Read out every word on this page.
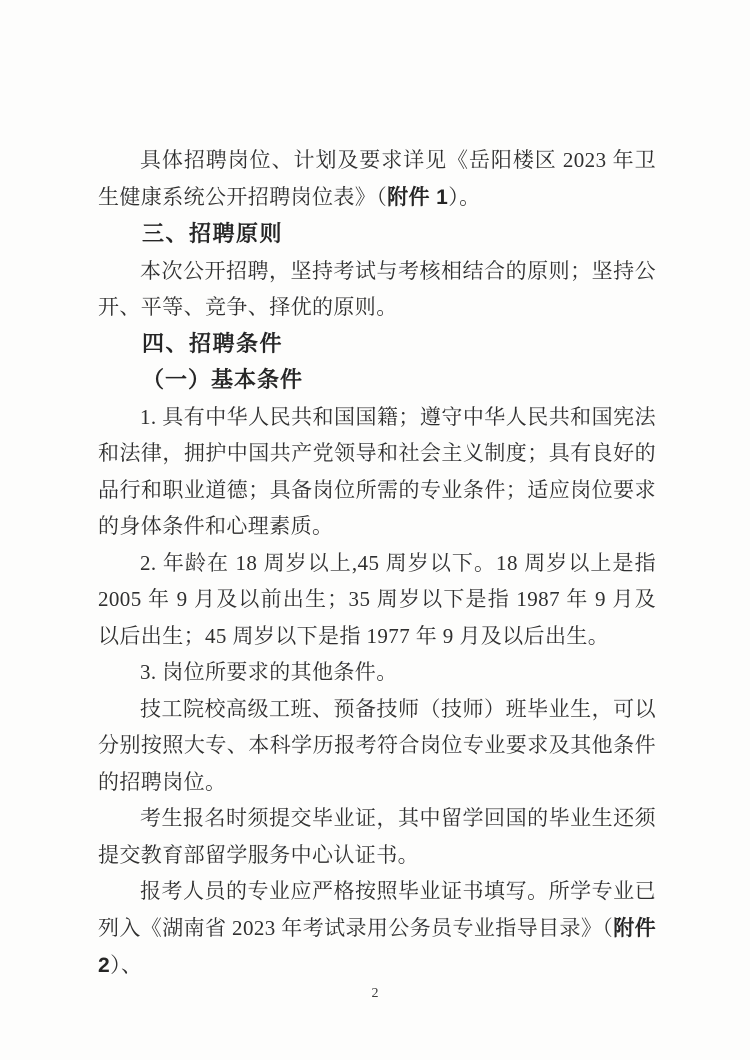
具体招聘岗位、计划及要求详见《岳阳楼区 2023 年卫生健康系统公开招聘岗位表》（附件 1）。

三、招聘原则

本次公开招聘，坚持考试与考核相结合的原则；坚持公开、平等、竞争、择优的原则。

四、招聘条件

（一）基本条件

1. 具有中华人民共和国国籍；遵守中华人民共和国宪法和法律，拥护中国共产党领导和社会主义制度；具有良好的品行和职业道德；具备岗位所需的专业条件；适应岗位要求的身体条件和心理素质。

2. 年龄在 18 周岁以上,45 周岁以下。18 周岁以上是指 2005 年 9 月及以前出生；35 周岁以下是指 1987 年 9 月及以后出生；45 周岁以下是指 1977 年 9 月及以后出生。

3. 岗位所要求的其他条件。

技工院校高级工班、预备技师（技师）班毕业生，可以分别按照大专、本科学历报考符合岗位专业要求及其他条件的招聘岗位。

考生报名时须提交毕业证，其中留学回国的毕业生还须提交教育部留学服务中心认证书。

报考人员的专业应严格按照毕业证书填写。所学专业已列入《湖南省 2023 年考试录用公务员专业指导目录》（附件 2）、

2
